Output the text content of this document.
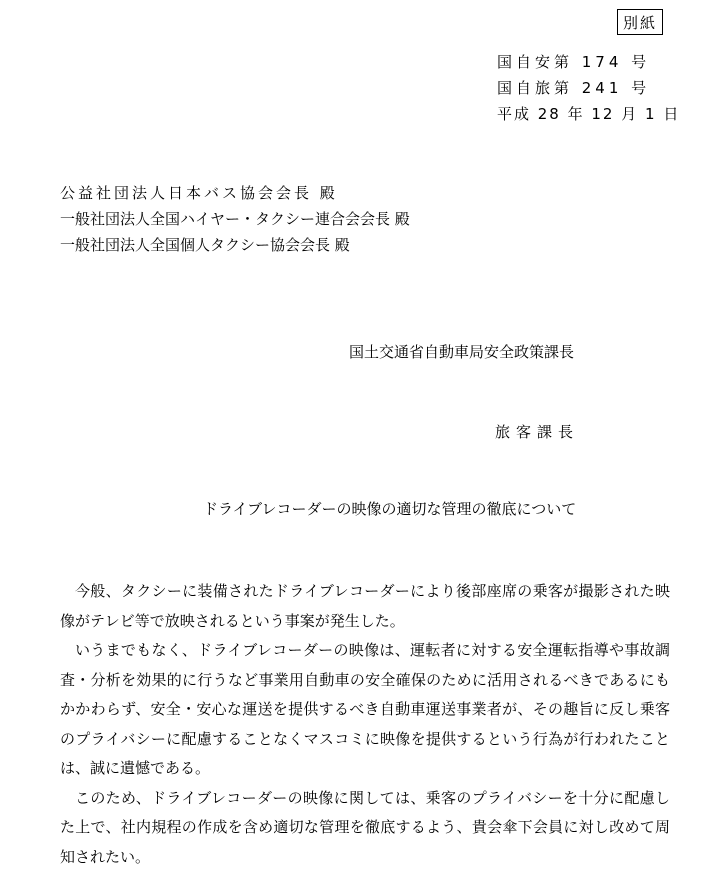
別紙
国自安第 174 号
国自旅第 241 号
平成 28 年 12 月 1 日
公益社団法人日本バス協会会長 殿
一般社団法人全国ハイヤー・タクシー連合会会長 殿
一般社団法人全国個人タクシー協会会長 殿
国土交通省自動車局安全政策課長
旅客課長
ドライブレコーダーの映像の適切な管理の徹底について

今般、タクシーに装備されたドライブレコーダーにより後部座席の乗客が撮影された映像がテレビ等で放映されるという事案が発生した。

いうまでもなく、ドライブレコーダーの映像は、運転者に対する安全運転指導や事故調査・分析を効果的に行うなど事業用自動車の安全確保のために活用されるべきであるにもかかわらず、安全・安心な運送を提供するべき自動車運送事業者が、その趣旨に反し乗客のプライバシーに配慮することなくマスコミに映像を提供するという行為が行われたことは、誠に遺憾である。

このため、ドライブレコーダーの映像に関しては、乗客のプライバシーを十分に配慮した上で、社内規程の作成を含め適切な管理を徹底するよう、貴会傘下会員に対し改めて周知されたい。
